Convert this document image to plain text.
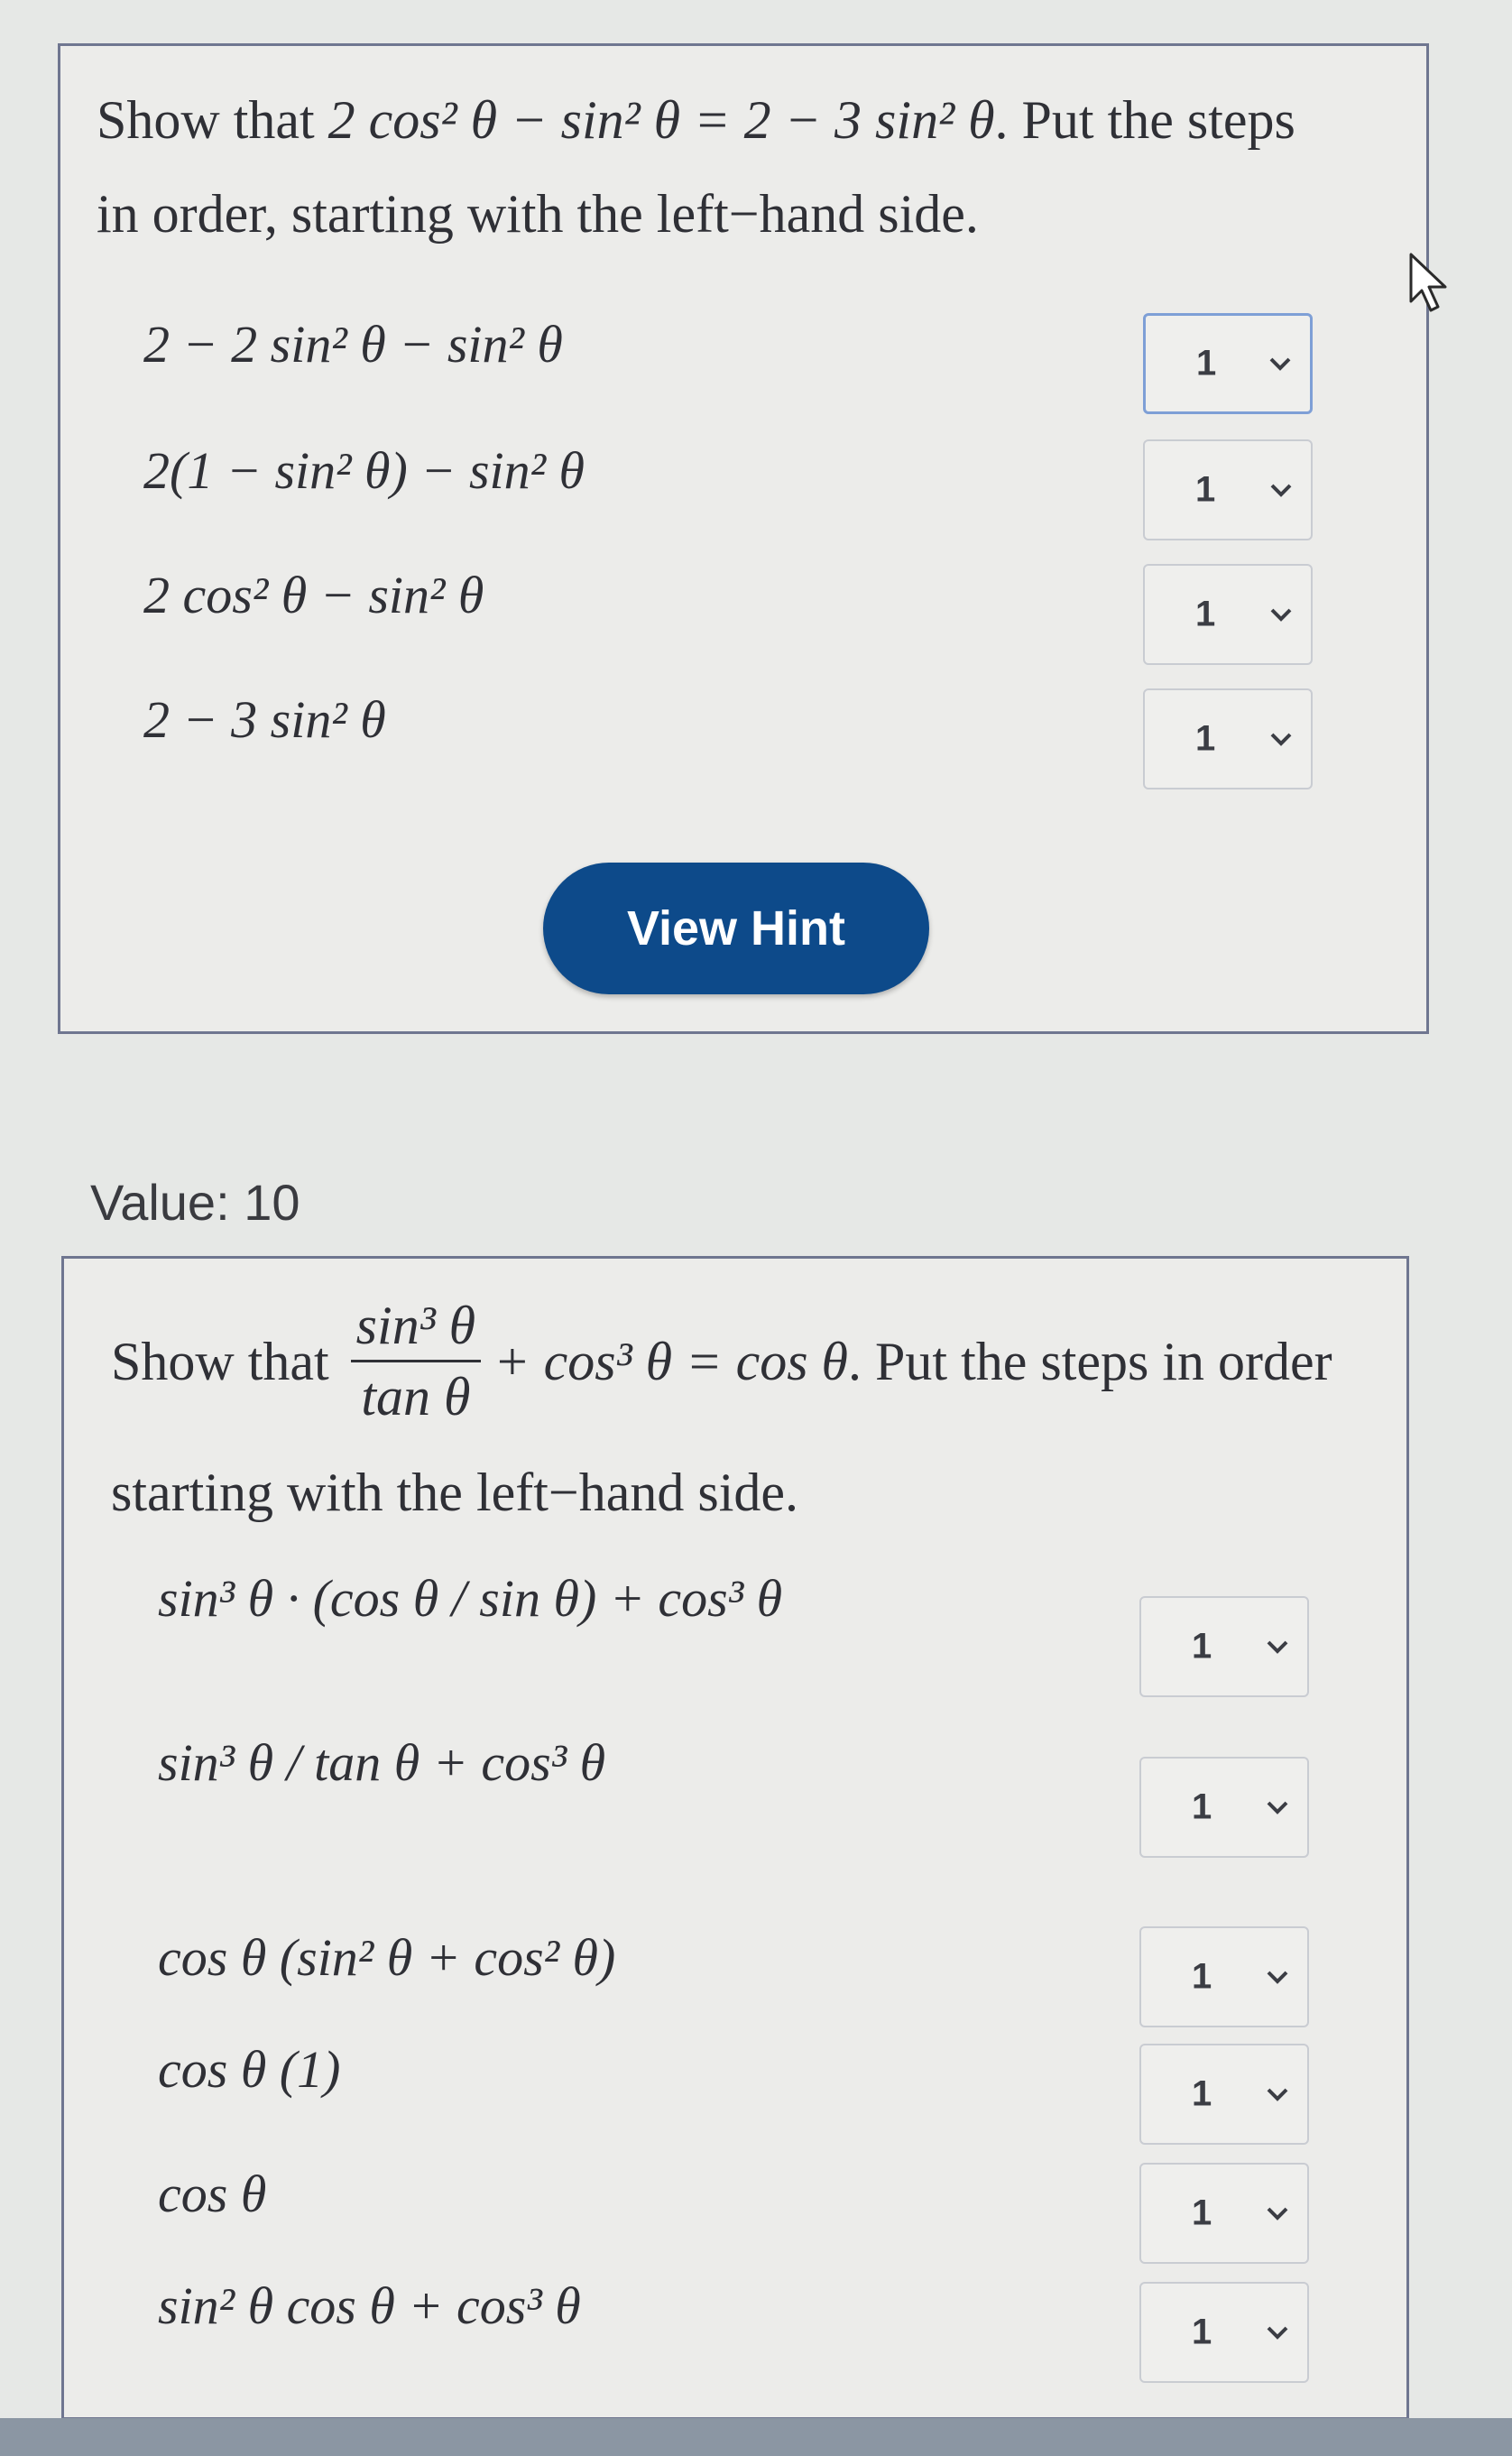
Show that 2 cos² θ − sin² θ = 2 − 3 sin² θ. Put the steps
in order, starting with the left−hand side.
2 − 2 sin² θ − sin² θ
2(1 − sin² θ) − sin² θ
2 cos² θ − sin² θ
2 − 3 sin² θ
1
1
1
1
View Hint
Value: 10
Show that $\frac{\text{sin³ θ}}{\text{tan θ}} + \cos^3$ θ = cos θ . Put the steps in order
starting with the left−hand side.
sin³ θ · (cos θ / sin θ) + cos³ θ
sin³ θ / tan θ + cos³ θ
cos θ (sin² θ + cos² θ)
cos θ (1)
cos θ
sin² θ cos θ + cos³ θ
1
1
1
1
1
1
